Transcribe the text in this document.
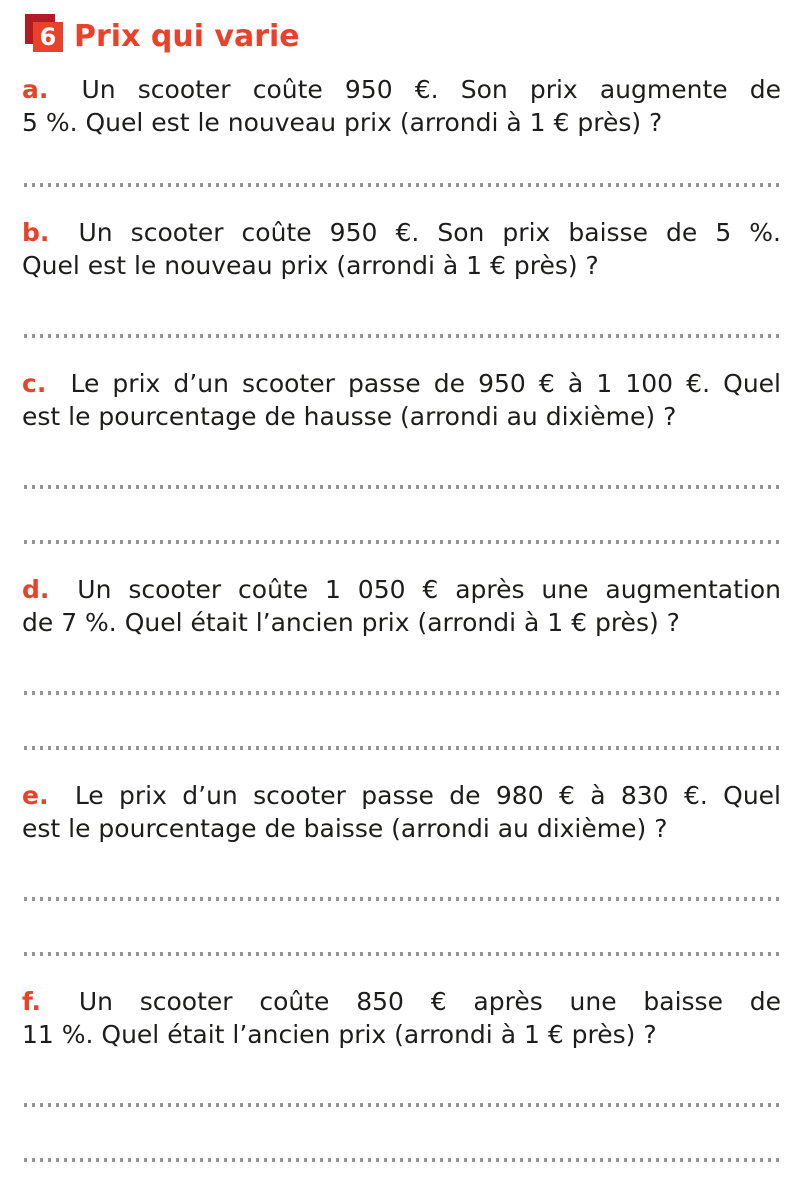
6 Prix qui varie
a. Un scooter coûte 950 €. Son prix augmente de
5 %. Quel est le nouveau prix (arrondi à 1 € près) ?
b. Un scooter coûte 950 €. Son prix baisse de 5 %.
Quel est le nouveau prix (arrondi à 1 € près) ?
c. Le prix d’un scooter passe de 950 € à 1 100 €. Quel
est le pourcentage de hausse (arrondi au dixième) ?
d. Un scooter coûte 1 050 € après une augmentation
de 7 %. Quel était l’ancien prix (arrondi à 1 € près) ?
e. Le prix d’un scooter passe de 980 € à 830 €. Quel
est le pourcentage de baisse (arrondi au dixième) ?
f. Un scooter coûte 850 € après une baisse de
11 %. Quel était l’ancien prix (arrondi à 1 € près) ?
